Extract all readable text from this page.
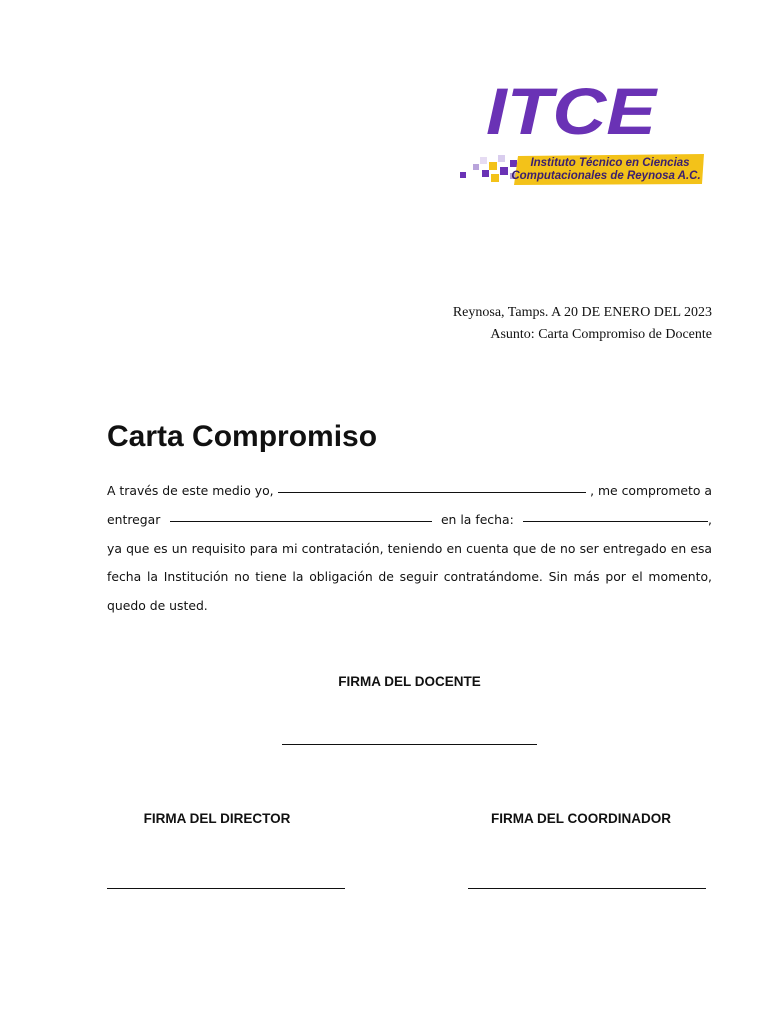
ITCE
Instituto Técnico en Ciencias
Computacionales de Reynosa A.C.
Reynosa, Tamps. A 20 DE ENERO DEL 2023
Asunto: Carta Compromiso de Docente
Carta Compromiso
A través de este medio yo,	, me comprometo a
entregar	en la fecha:	,
ya que es un requisito para mi contratación, teniendo en cuenta que de no ser entregado en esa
fecha la Institución no tiene la obligación de seguir contratándome. Sin más por el momento,
quedo de usted.
FIRMA DEL DOCENTE
FIRMA DEL DIRECTOR	FIRMA DEL COORDINADOR
